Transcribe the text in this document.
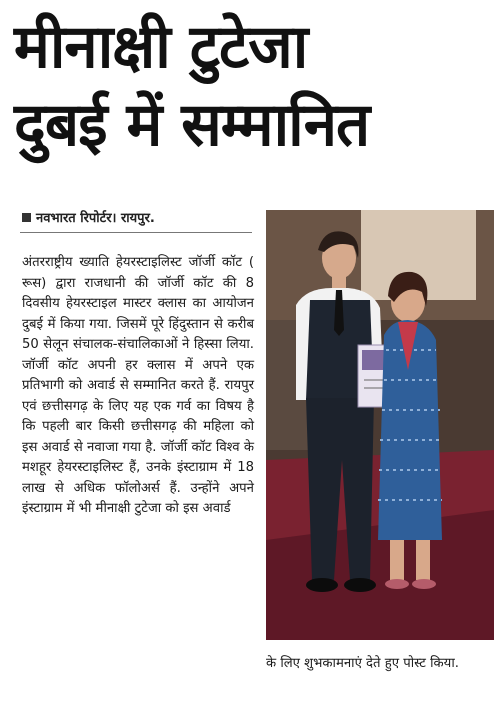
मीनाक्षी टुटेजा
दुबई में सम्मानित
नवभारत रिपोर्टर। रायपुर.

अंतरराष्ट्रीय ख्याति हेयरस्टाइलिस्ट जॉर्जी कॉट ( रूस) द्वारा राजधानी की जॉर्जी कॉट की 8 दिवसीय हेयरस्टाइल मास्टर क्लास का आयोजन दुबई में किया गया. जिसमें पूरे हिंदुस्तान से करीब 50 सेलून संचालक-संचालिकाओं ने हिस्सा लिया. जॉर्जी कॉट अपनी हर क्लास में अपने एक प्रतिभागी को अवार्ड से सम्मानित करते हैं. रायपुर एवं छत्तीसगढ़ के लिए यह एक गर्व का विषय है कि पहली बार किसी छत्तीसगढ़ की महिला को इस अवार्ड से नवाजा गया है. जॉर्जी कॉट विश्व के मशहूर हेयरस्टाइलिस्ट हैं, उनके इंस्टाग्राम में 18 लाख से अधिक फॉलोअर्स हैं. उन्होंने अपने इंस्टाग्राम में भी मीनाक्षी टुटेजा को इस अवार्ड

के लिए शुभकामनाएं देते हुए पोस्ट किया.
